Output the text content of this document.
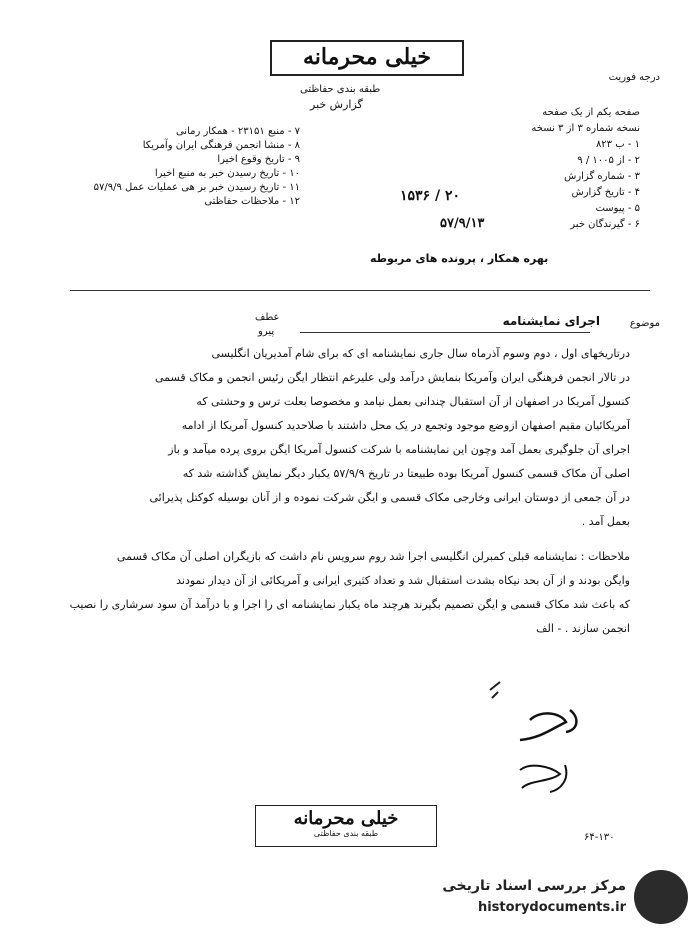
خیلی محرمانه
طبقه بندی حفاظتی
گزارش خبر
درجه فوریت
صفحه یکم از یک صفحه
نسخه شماره ۳ از ۳ نسخه
۱ - ب ۸۲۳
۲ - از ۱۰۰۵ / ۹
۳ - شماره گزارش
۴ - تاریخ گزارش
۵ - پیوست
۶ - گیرندگان خبر
۲۰ / ۱۵۳۶
۵۷/۹/۱۳
بهره همکار ، پرونده های مربوطه
۷ - منبع ۲۳۱۵۱ - همکار رمانی
۸ - منشا انجمن فرهنگی ایران وآمریکا
۹ - تاریخ وقوع اخیرا
۱۰ - تاریخ رسیدن خبر به منبع اخیرا
۱۱ - تاریخ رسیدن خبر بر هی عملیات عمل ۵۷/۹/۹
۱۲ - ملاحظات حفاظتی
عطف
پیرو
موضوع
اجرای نمایشنامه
درتاریخهای اول ، دوم وسوم آذرماه سال جاری نمایشنامه ای که برای شام آمدیریان انگلیسی
در تالار انجمن فرهنگی ایران وآمریکا بنمایش درآمد ولی علیرغم انتظار ایگن رئیس انجمن و مکاک قسمی
کنسول آمریکا در اصفهان از آن استقبال چندانی بعمل نیامد و مخصوصا بعلت ترس و وحشتی که
آمریکائیان مقیم اصفهان ازوضع موجود وتجمع در یک محل داشتند با صلاحدید کنسول آمریکا از ادامه
اجرای آن جلوگیری بعمل آمد وچون این نمایشنامه با شرکت کنسول آمریکا ایگن بروی پرده میآمد و باز
اصلی آن مکاک قسمی کنسول آمریکا بوده طبیعتا در تاریخ ۵۷/۹/۹ یکبار دیگر نمایش گذاشته شد که
در آن جمعی از دوستان ایرانی وخارجی مکاک قسمی و ایگن شرکت نموده و از آنان بوسیله کوکتل پذیرائی
بعمل آمد .
ملاحظات : نمایشنامه قبلی کمبرلن انگلیسی اجرا شد روم سرویس نام داشت که بازیگران اصلی آن مکاک قسمی
وایگن بودند و از آن بحد نیکاه بشدت استقبال شد و تعداد کثیری ایرانی و آمریکائی از آن دیدار نمودند
که باعث شد مکاک قسمی و ایگن تصمیم بگیرند هرچند ماه یکبار نمایشنامه ای را اجرا و با درآمد آن سود سرشاری را نصیب
انجمن سازند . - الف
خیلی محرمانه
طبقه بندی حفاظتی	۶۴-۱۳۰
مرکز بررسی اسناد تاریخی
historydocuments.ir
